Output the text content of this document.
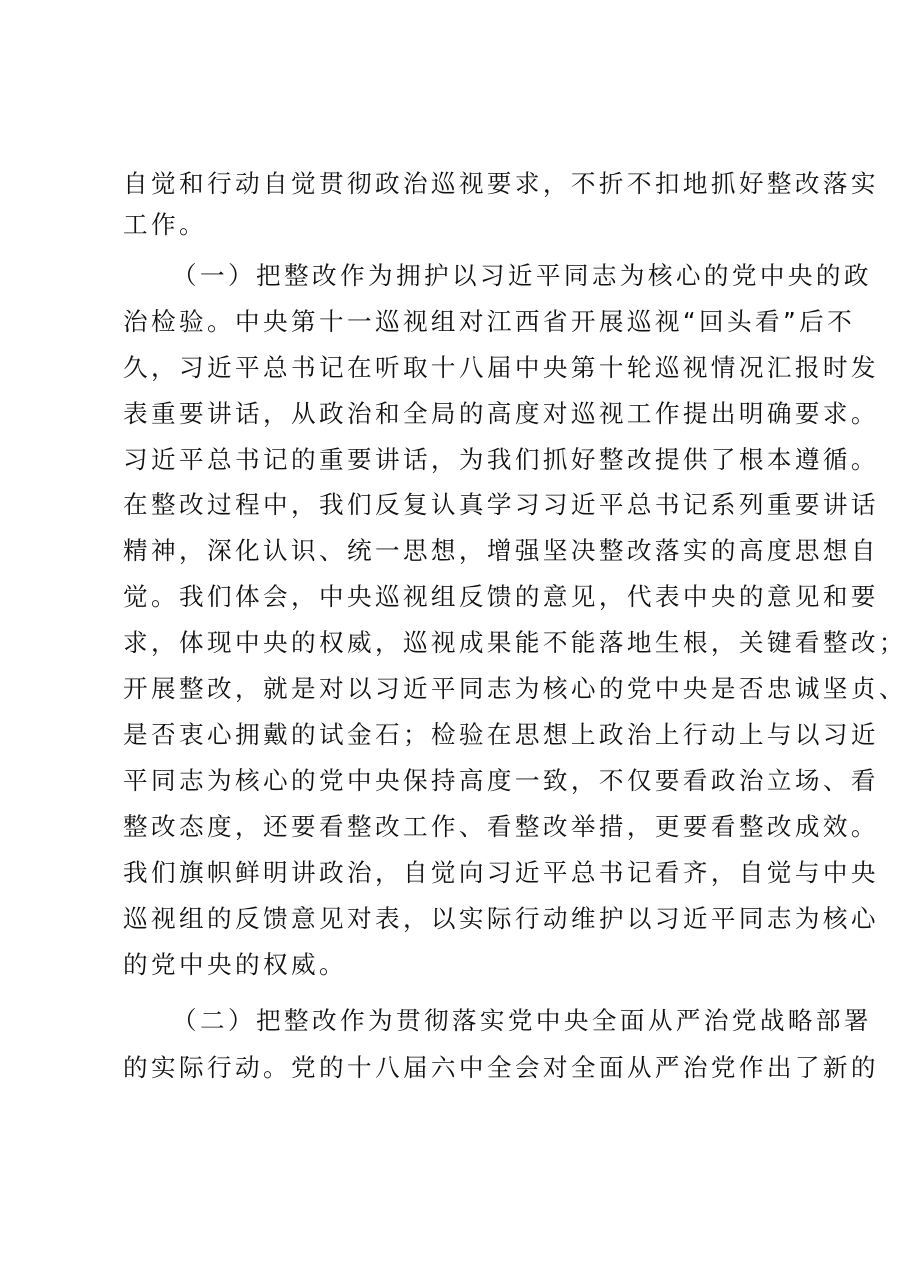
自觉和行动自觉贯彻政治巡视要求，不折不扣地抓好整改落实
工作。
（一）把整改作为拥护以习近平同志为核心的党中央的政
治检验。中央第十一巡视组对江西省开展巡视“回头看”后不
久，习近平总书记在听取十八届中央第十轮巡视情况汇报时发
表重要讲话，从政治和全局的高度对巡视工作提出明确要求。
习近平总书记的重要讲话，为我们抓好整改提供了根本遵循。
在整改过程中，我们反复认真学习习近平总书记系列重要讲话
精神，深化认识、统一思想，增强坚决整改落实的高度思想自
觉。我们体会，中央巡视组反馈的意见，代表中央的意见和要
求，体现中央的权威，巡视成果能不能落地生根，关键看整改；
开展整改，就是对以习近平同志为核心的党中央是否忠诚坚贞、
是否衷心拥戴的试金石；检验在思想上政治上行动上与以习近
平同志为核心的党中央保持高度一致，不仅要看政治立场、看
整改态度，还要看整改工作、看整改举措，更要看整改成效。
我们旗帜鲜明讲政治，自觉向习近平总书记看齐，自觉与中央
巡视组的反馈意见对表，以实际行动维护以习近平同志为核心
的党中央的权威。
（二）把整改作为贯彻落实党中央全面从严治党战略部署
的实际行动。党的十八届六中全会对全面从严治党作出了新的
